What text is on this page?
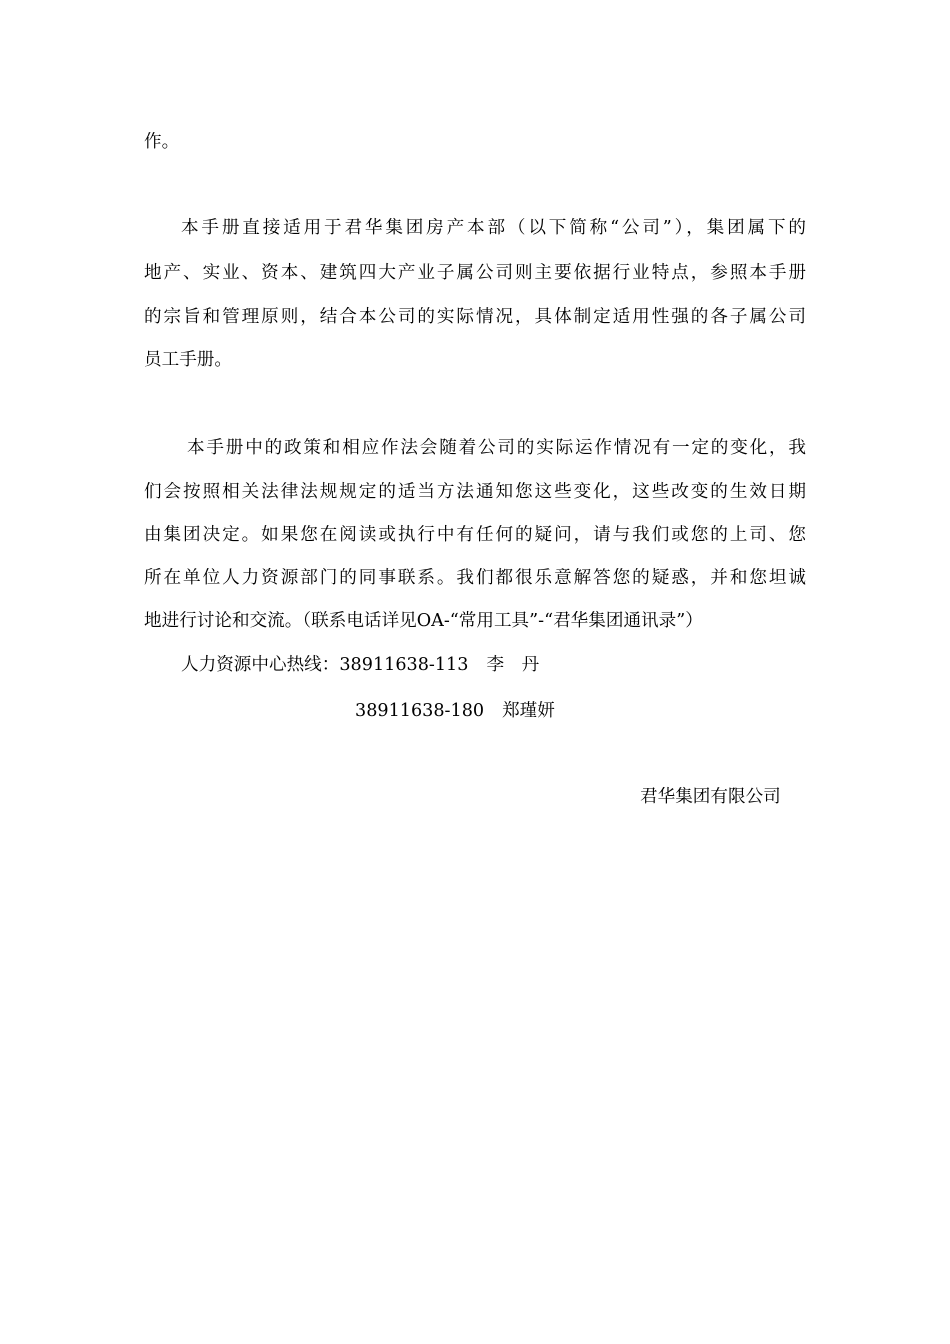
作。
本手册直接适用于君华集团房产本部（以下简称“公司”），集团属下的
地产、实业、资本、建筑四大产业子属公司则主要依据行业特点，参照本手册
的宗旨和管理原则，结合本公司的实际情况，具体制定适用性强的各子属公司
员工手册。
本手册中的政策和相应作法会随着公司的实际运作情况有一定的变化，我
们会按照相关法律法规规定的适当方法通知您这些变化，这些改变的生效日期
由集团决定。如果您在阅读或执行中有任何的疑问，请与我们或您的上司、您
所在单位人力资源部门的同事联系。我们都很乐意解答您的疑惑，并和您坦诚
地进行讨论和交流。（联系电话详见OA-“常用工具”-“君华集团通讯录”）
人力资源中心热线：38911638-113 李　丹
38911638-180 郑瑾妍
君华集团有限公司
